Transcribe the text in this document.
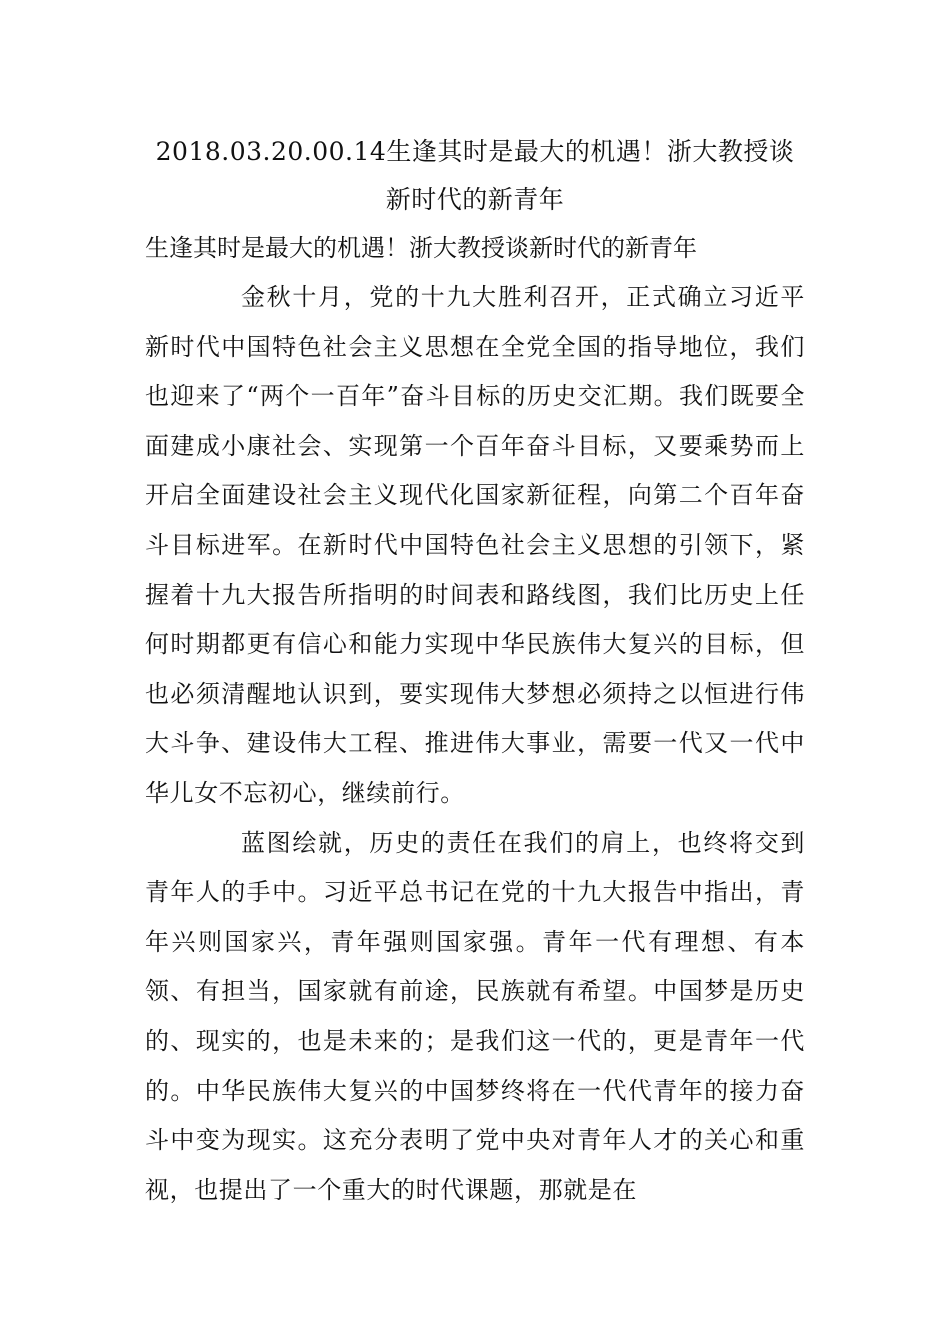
2018.03.20.00.14生逢其时是最大的机遇！浙大教授谈新时代的新青年

生逢其时是最大的机遇！浙大教授谈新时代的新青年

金秋十月，党的十九大胜利召开，正式确立习近平新时代中国特色社会主义思想在全党全国的指导地位，我们也迎来了“两个一百年”奋斗目标的历史交汇期。我们既要全面建成小康社会、实现第一个百年奋斗目标，又要乘势而上开启全面建设社会主义现代化国家新征程，向第二个百年奋斗目标进军。在新时代中国特色社会主义思想的引领下，紧握着十九大报告所指明的时间表和路线图，我们比历史上任何时期都更有信心和能力实现中华民族伟大复兴的目标，但也必须清醒地认识到，要实现伟大梦想必须持之以恒进行伟大斗争、建设伟大工程、推进伟大事业，需要一代又一代中华儿女不忘初心，继续前行。

蓝图绘就，历史的责任在我们的肩上，也终将交到青年人的手中。习近平总书记在党的十九大报告中指出，青年兴则国家兴，青年强则国家强。青年一代有理想、有本领、有担当，国家就有前途，民族就有希望。中国梦是历史的、现实的，也是未来的；是我们这一代的，更是青年一代的。中华民族伟大复兴的中国梦终将在一代代青年的接力奋斗中变为现实。这充分表明了党中央对青年人才的关心和重视，也提出了一个重大的时代课题，那就是在
